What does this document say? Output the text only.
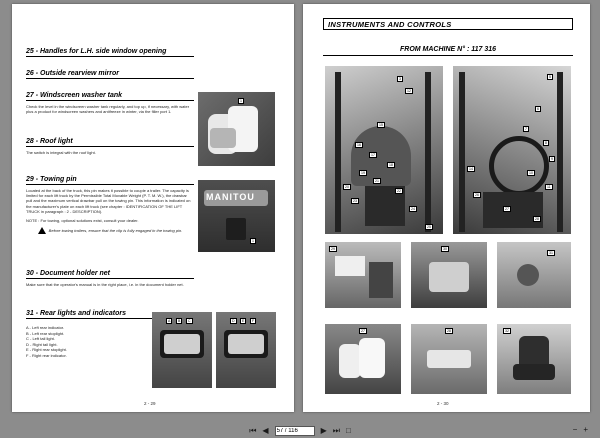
25 - Handles for L.H. side window opening
26 - Outside rearview mirror
27 - Windscreen washer tank
Check the level in the windscreen washer tank regularly, and top up, if necessary, with water plus a product for windscreen washers and antifreeze in winter, via the filler port 1.
28 - Roof light
The switch is integral with the roof light.
29 - Towing pin
Located at the back of the truck, this pin makes it possible to couple a trailer. The capacity is limited for each lift truck by the Permissible Total Movable Weight (P. T. M. W.), the drawbar pull and the maximum vertical drawbar pull on the towing pin. This information is indicated on the manufacturer's plate on each lift truck (see chapter : IDENTIFICATION OF THE LIFT TRUCK in paragraph : 2 - DESCRIPTION).
NOTE : For towing, optional solutions exist, consult your dealer.
Before towing trailers, ensure that the clip is fully engaged in the towing pin.
30 - Document holder net
Make sure that the operator's manual is in the right place, i.e. in the document holder net.
31 - Rear lights and indicators
A - Left rear indicator.
B - Left rear stoplight.
C - Left tail light.
D - Right tail light.
E - Right rear stoplight.
F - Right rear indicator.
1
MANITOU
1
A	B	C	D	E	F
2 - 29
INSTRUMENTS AND CONTROLS
FROM MACHINE N° : 117 316
3
12
15
16
17
18
19
20
21
22
23
24
25
5
6
7
8
9
10
11
14
26
27
28
29	30
31
27	28	32
2 - 30
⏮ ◀
57 / 116	▶ ⏭ □	− +
